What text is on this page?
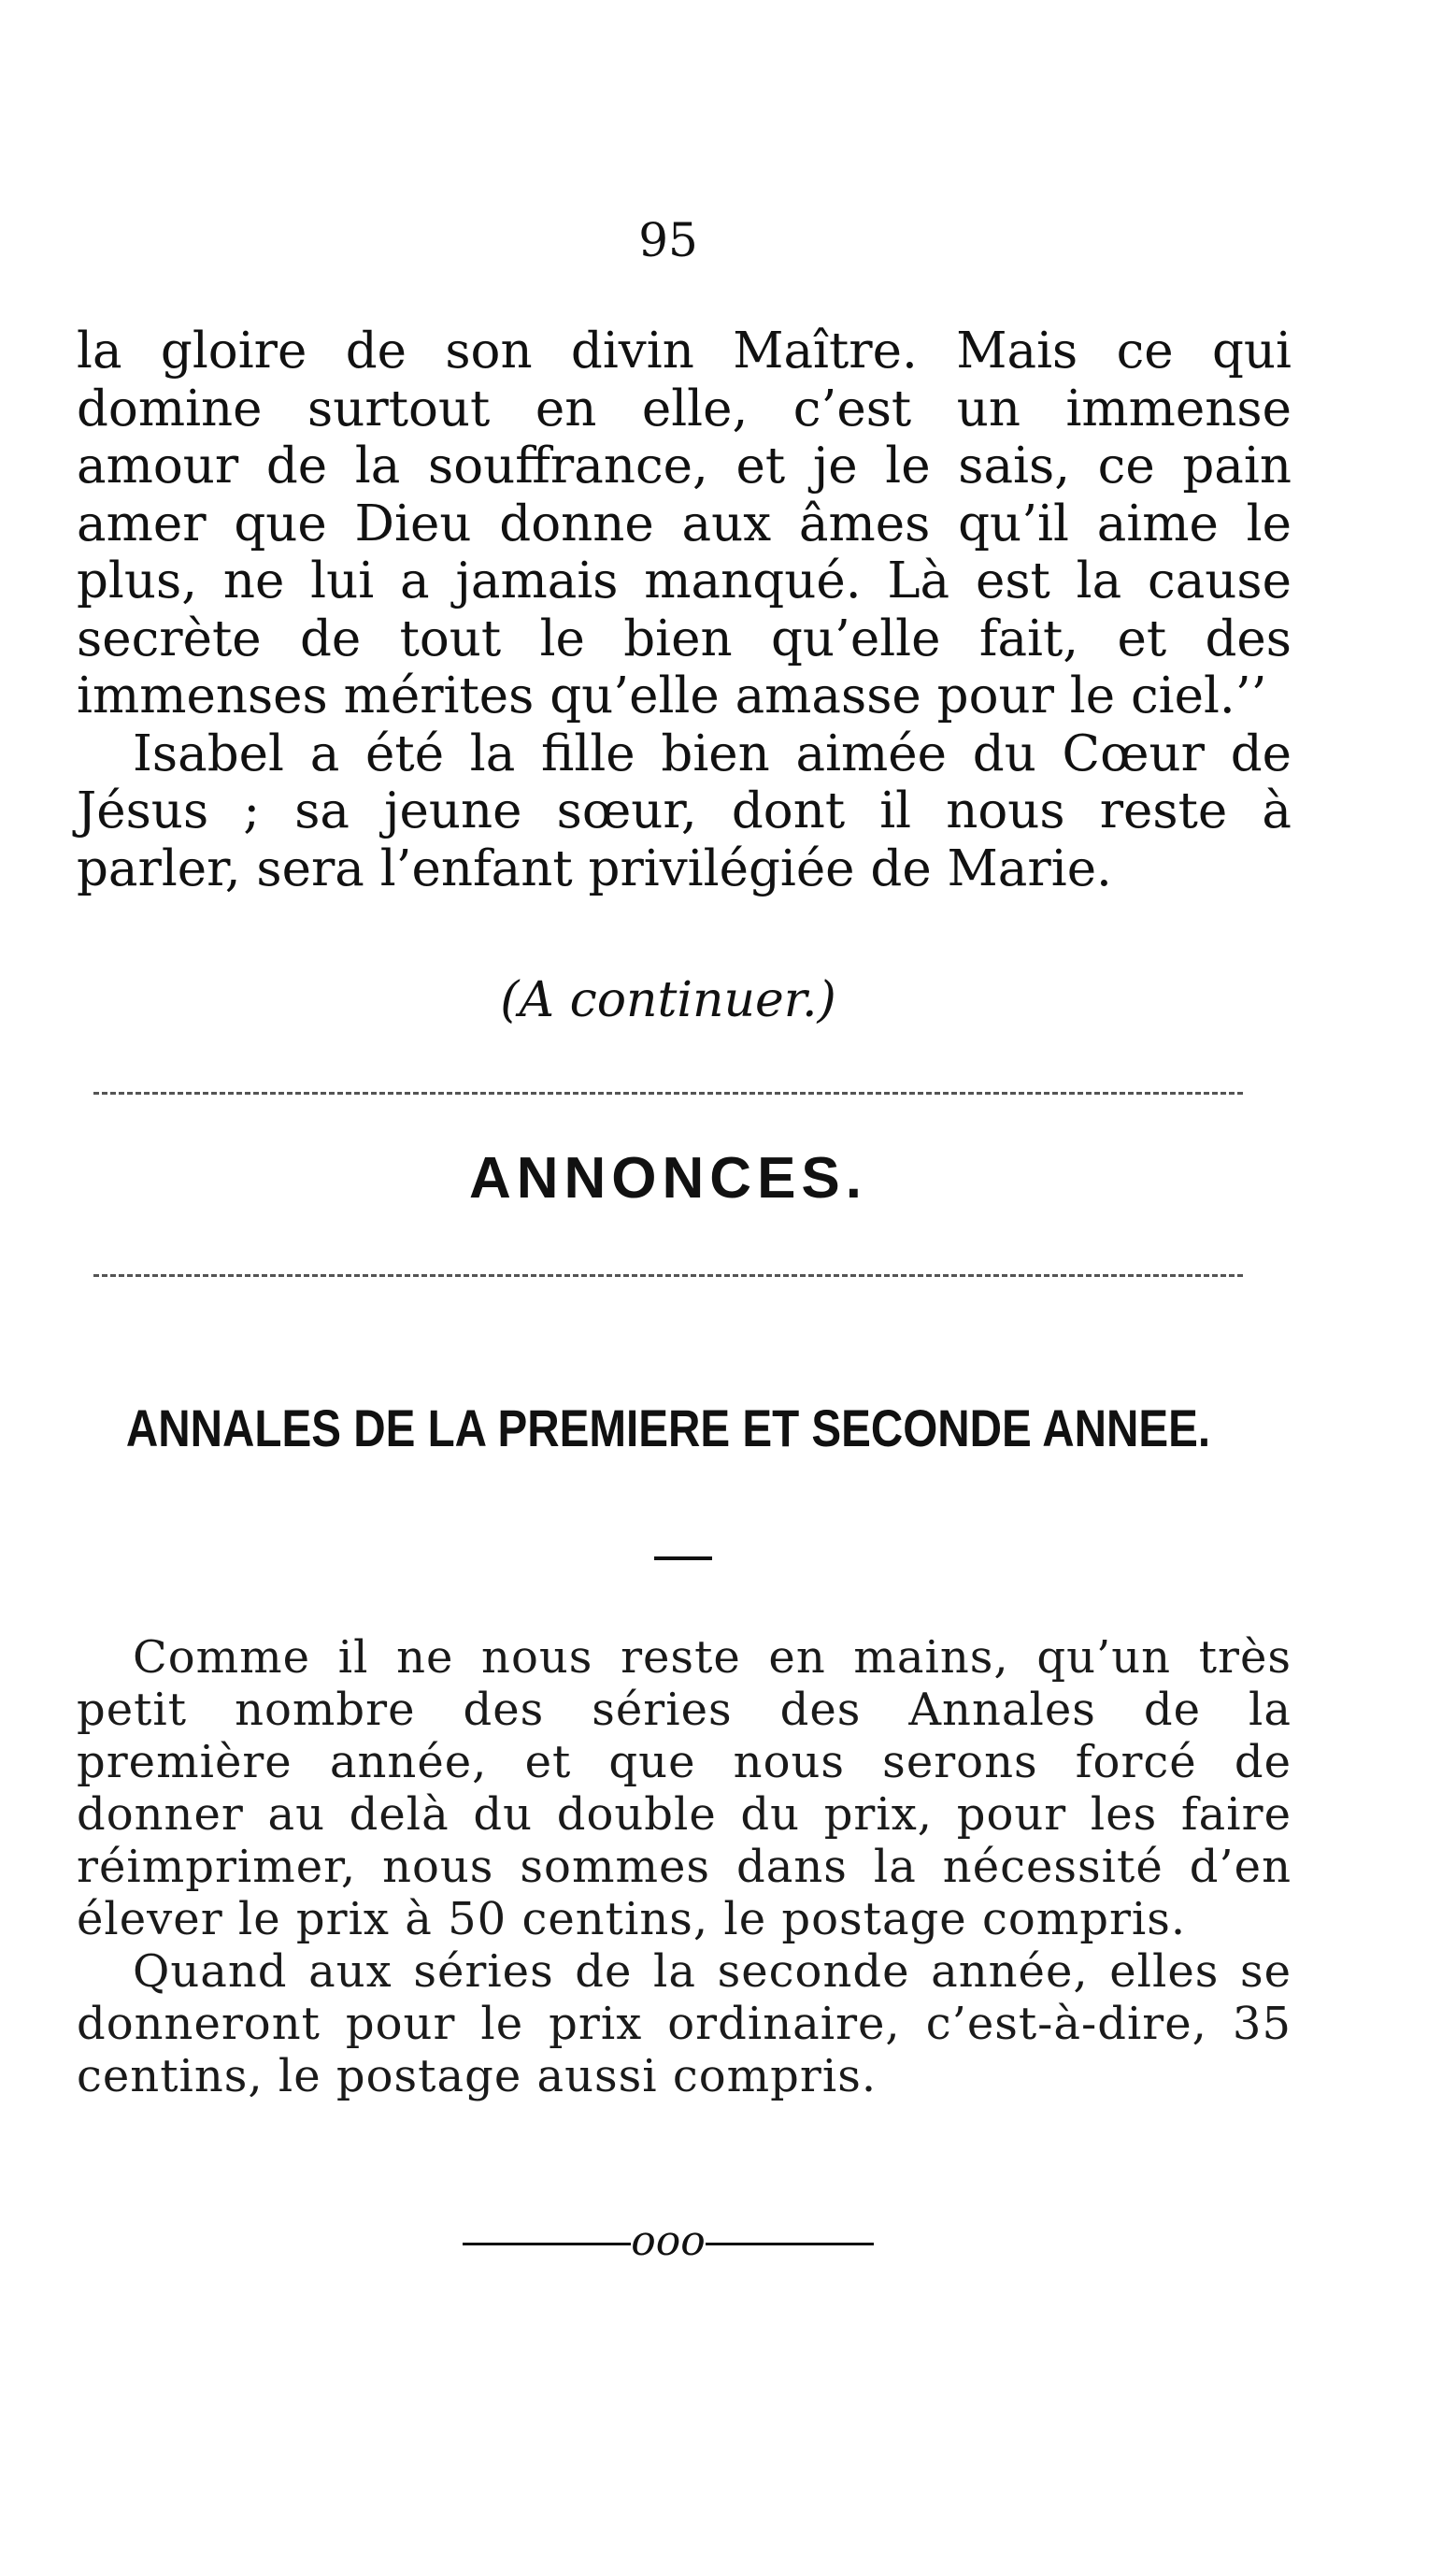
95

la gloire de son divin Maître. Mais ce qui domine surtout en elle, c’est un immense amour de la souffrance, et je le sais, ce pain amer que Dieu donne aux âmes qu’il aime le plus, ne lui a jamais manqué. Là est la cause secrète de tout le bien qu’elle fait, et des immenses mérites qu’elle amasse pour le ciel.’’

Isabel a été la fille bien aimée du Cœur de Jésus ; sa jeune sœur, dont il nous reste à parler, sera l’enfant privilégiée de Marie.

(A continuer.)
ANNONCES.
ANNALES DE LA PREMIERE ET SECONDE ANNEE.

Comme il ne nous reste en mains, qu’un très petit nombre des séries des Annales de la première année, et que nous serons forcé de donner au delà du double du prix, pour les faire réimprimer, nous sommes dans la nécessité d’en élever le prix à 50 centins, le postage compris.

Quand aux séries de la seconde année, elles se donneront pour le prix ordinaire, c’est-à-dire, 35 centins, le postage aussi compris.

ooo
